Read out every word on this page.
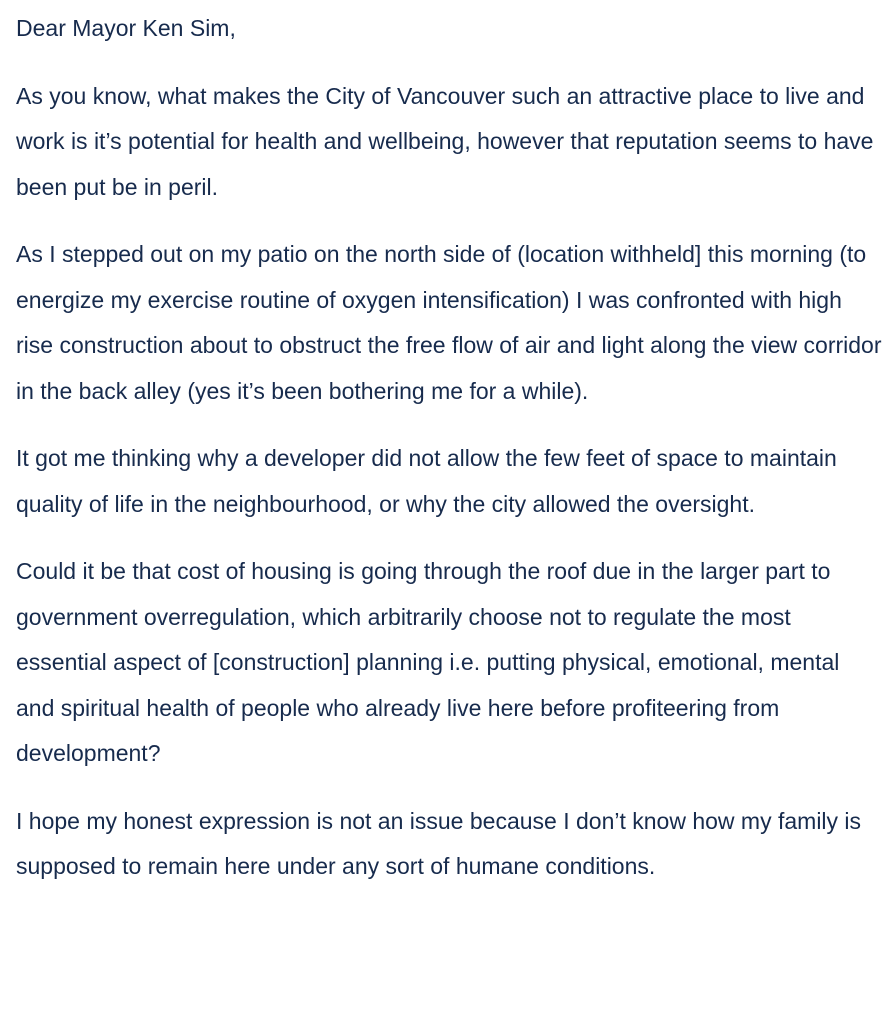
Dear Mayor Ken Sim,

As you know, what makes the City of Vancouver such an attractive place to live and work is it’s potential for health and wellbeing, however that reputation seems to have been put be in peril.

As I stepped out on my patio on the north side of (location withheld] this morning (to energize my exercise routine of oxygen intensification) I was confronted with high rise construction about to obstruct the free flow of air and light along the view corridor in the back alley (yes it’s been bothering me for a while).

It got me thinking why a developer did not allow the few feet of space to maintain quality of life in the neighbourhood, or why the city allowed the oversight.

Could it be that cost of housing is going through the roof due in the larger part to government overregulation, which arbitrarily choose not to regulate the most essential aspect of [construction] planning i.e. putting physical, emotional, mental and spiritual health of people who already live here before profiteering from development?

I hope my honest expression is not an issue because I don’t know how my family is supposed to remain here under any sort of humane conditions.
